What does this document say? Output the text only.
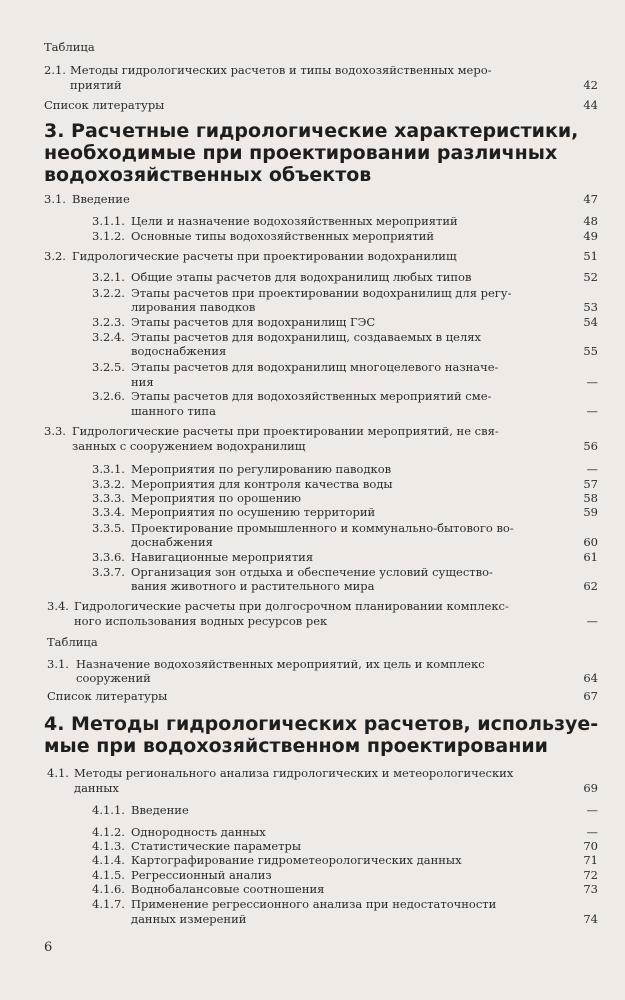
Таблица
2.1. Методы гидрологических расчетов и типы водохозяйственных меро-
приятий	42
Список литературы	44
3. Расчетные гидрологические характеристики,
необходимые при проектировании различных
водохозяйственных объектов
3.1. Введение	47
3.1.1. Цели и назначение водохозяйственных мероприятий	48
3.1.2. Основные типы водохозяйственных мероприятий	49
3.2. Гидрологические расчеты при проектировании водохранилищ	51
3.2.1. Общие этапы расчетов для водохранилищ любых типов	52
3.2.2. Этапы расчетов при проектировании водохранилищ для регу-
лирования паводков	53
3.2.3. Этапы расчетов для водохранилищ ГЭС	54
3.2.4. Этапы расчетов для водохранилищ, создаваемых в целях
водоснабжения	55
3.2.5. Этапы расчетов для водохранилищ многоцелевого назначе-
ния	—
3.2.6. Этапы расчетов для водохозяйственных мероприятий сме-
шанного типа	—
3.3. Гидрологические расчеты при проектировании мероприятий, не свя-
занных с сооружением водохранилищ	56
3.3.1. Мероприятия по регулированию паводков	—
3.3.2. Мероприятия для контроля качества воды	57
3.3.3. Мероприятия по орошению	58
3.3.4. Мероприятия по осушению территорий	59
3.3.5. Проектирование промышленного и коммунально-бытового во-
доснабжения	60
3.3.6. Навигационные мероприятия	61
3.3.7. Организация зон отдыха и обеспечение условий существо-
вания животного и растительного мира	62
3.4. Гидрологические расчеты при долгосрочном планировании комплекс-
ного использования водных ресурсов рек	—
Таблица
3.1. Назначение водохозяйственных мероприятий, их цель и комплекс
сооружений	64
Список литературы	67
4. Методы гидрологических расчетов, используе-
мые при водохозяйственном проектировании
4.1. Методы регионального анализа гидрологических и метеорологических
данных	69
4.1.1. Введение	—
4.1.2. Однородность данных	—
4.1.3. Статистические параметры	70
4.1.4. Картографирование гидрометеорологических данных	71
4.1.5. Регрессионный анализ	72
4.1.6. Воднобалансовые соотношения	73
4.1.7. Применение регрессионного анализа при недостаточности
данных измерений	74
6
